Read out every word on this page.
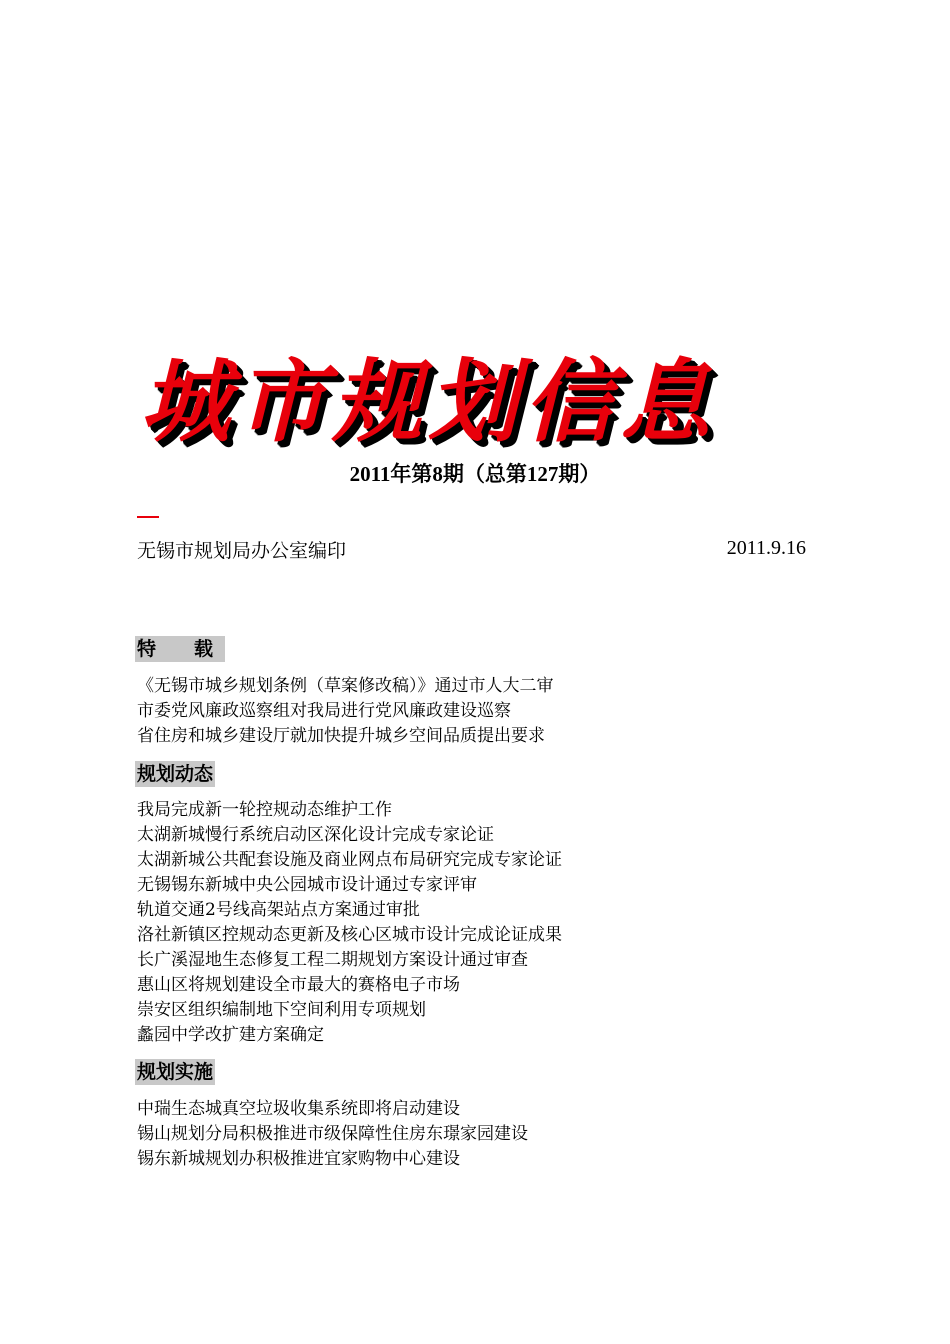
城市规划信息
2011年第8期（总第127期）
无锡市规划局办公室编印	2011.9.16
特　　载
《无锡市城乡规划条例（草案修改稿）》通过市人大二审
市委党风廉政巡察组对我局进行党风廉政建设巡察
省住房和城乡建设厅就加快提升城乡空间品质提出要求
规划动态
我局完成新一轮控规动态维护工作
太湖新城慢行系统启动区深化设计完成专家论证
太湖新城公共配套设施及商业网点布局研究完成专家论证
无锡锡东新城中央公园城市设计通过专家评审
轨道交通2号线高架站点方案通过审批
洛社新镇区控规动态更新及核心区城市设计完成论证成果
长广溪湿地生态修复工程二期规划方案设计通过审查
惠山区将规划建设全市最大的赛格电子市场
崇安区组织编制地下空间利用专项规划
蠡园中学改扩建方案确定
规划实施
中瑞生态城真空垃圾收集系统即将启动建设
锡山规划分局积极推进市级保障性住房东璟家园建设
锡东新城规划办积极推进宜家购物中心建设
